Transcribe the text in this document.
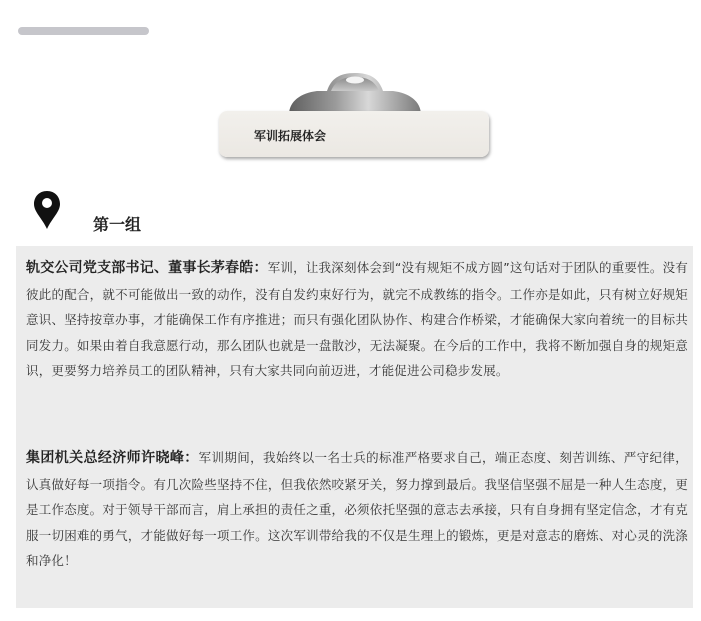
军训拓展体会
第一组

轨交公司党支部书记、董事长茅春皓：军训，让我深刻体会到“没有规矩不成方圆”这句话对于团队的重要性。没有彼此的配合，就不可能做出一致的动作，没有自发约束好行为，就完不成教练的指令。工作亦是如此，只有树立好规矩意识、坚持按章办事，才能确保工作有序推进；而只有强化团队协作、构建合作桥梁，才能确保大家向着统一的目标共同发力。如果由着自我意愿行动，那么团队也就是一盘散沙，无法凝聚。在今后的工作中，我将不断加强自身的规矩意识，更要努力培养员工的团队精神，只有大家共同向前迈进，才能促进公司稳步发展。

集团机关总经济师许晓峰：军训期间，我始终以一名士兵的标准严格要求自己，端正态度、刻苦训练、严守纪律，认真做好每一项指令。有几次险些坚持不住，但我依然咬紧牙关，努力撑到最后。我坚信坚强不屈是一种人生态度，更是工作态度。对于领导干部而言，肩上承担的责任之重，必须依托坚强的意志去承接，只有自身拥有坚定信念，才有克服一切困难的勇气，才能做好每一项工作。这次军训带给我的不仅是生理上的锻炼，更是对意志的磨炼、对心灵的洗涤和净化！
